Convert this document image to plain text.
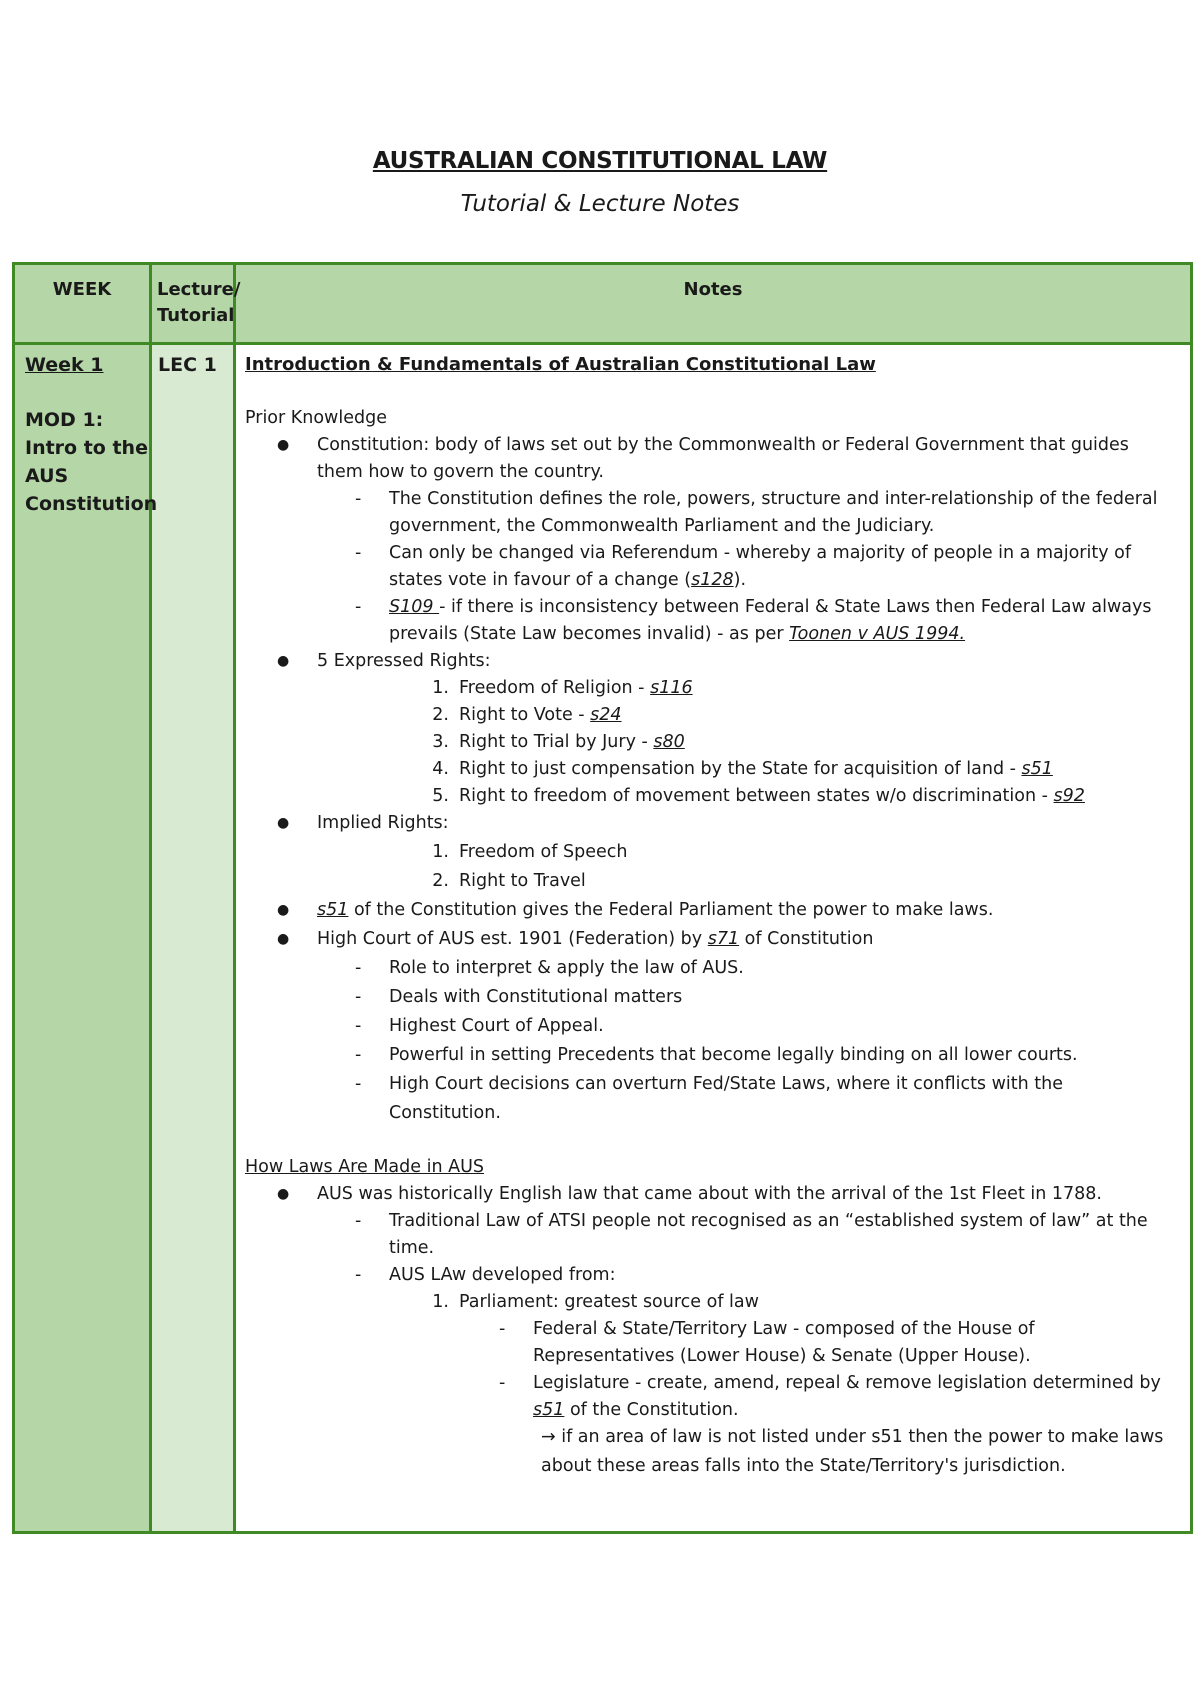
AUSTRALIAN CONSTITUTIONAL LAW
Tutorial & Lecture Notes
WEEK	Lecture/
Tutorial
Notes
Week 1
MOD 1:
Intro to the
AUS
Constitution
LEC 1 Introduction & Fundamentals of Australian Constitutional Law
Prior Knowledge
● Constitution: body of laws set out by the Commonwealth or Federal Government that guides
them how to govern the country.
- The Constitution defines the role, powers, structure and inter-relationship of the federal
government, the Commonwealth Parliament and the Judiciary.
- Can only be changed via Referendum - whereby a majority of people in a majority of
states vote in favour of a change (s128).
- S109 - if there is inconsistency between Federal & State Laws then Federal Law always
prevails (State Law becomes invalid) - as per Toonen v AUS 1994.
● 5 Expressed Rights:
1. Freedom of Religion - s116
2. Right to Vote - s24
3. Right to Trial by Jury - s80
4. Right to just compensation by the State for acquisition of land - s51
5. Right to freedom of movement between states w/o discrimination - s92
● Implied Rights:
1. Freedom of Speech
2. Right to Travel
● s51 of the Constitution gives the Federal Parliament the power to make laws.
● High Court of AUS est. 1901 (Federation) by s71 of Constitution
- Role to interpret & apply the law of AUS.
- Deals with Constitutional matters
- Highest Court of Appeal.
- Powerful in setting Precedents that become legally binding on all lower courts.
- High Court decisions can overturn Fed/State Laws, where it conflicts with the
Constitution.
How Laws Are Made in AUS
● AUS was historically English law that came about with the arrival of the 1st Fleet in 1788.
- Traditional Law of ATSI people not recognised as an “established system of law” at the
time.
- AUS LAw developed from:
1. Parliament: greatest source of law
- Federal & State/Territory Law - composed of the House of
Representatives (Lower House) & Senate (Upper House).
- Legislature - create, amend, repeal & remove legislation determined by
s51 of the Constitution.
→ if an area of law is not listed under s51 then the power to make laws
about these areas falls into the State/Territory's jurisdiction.
